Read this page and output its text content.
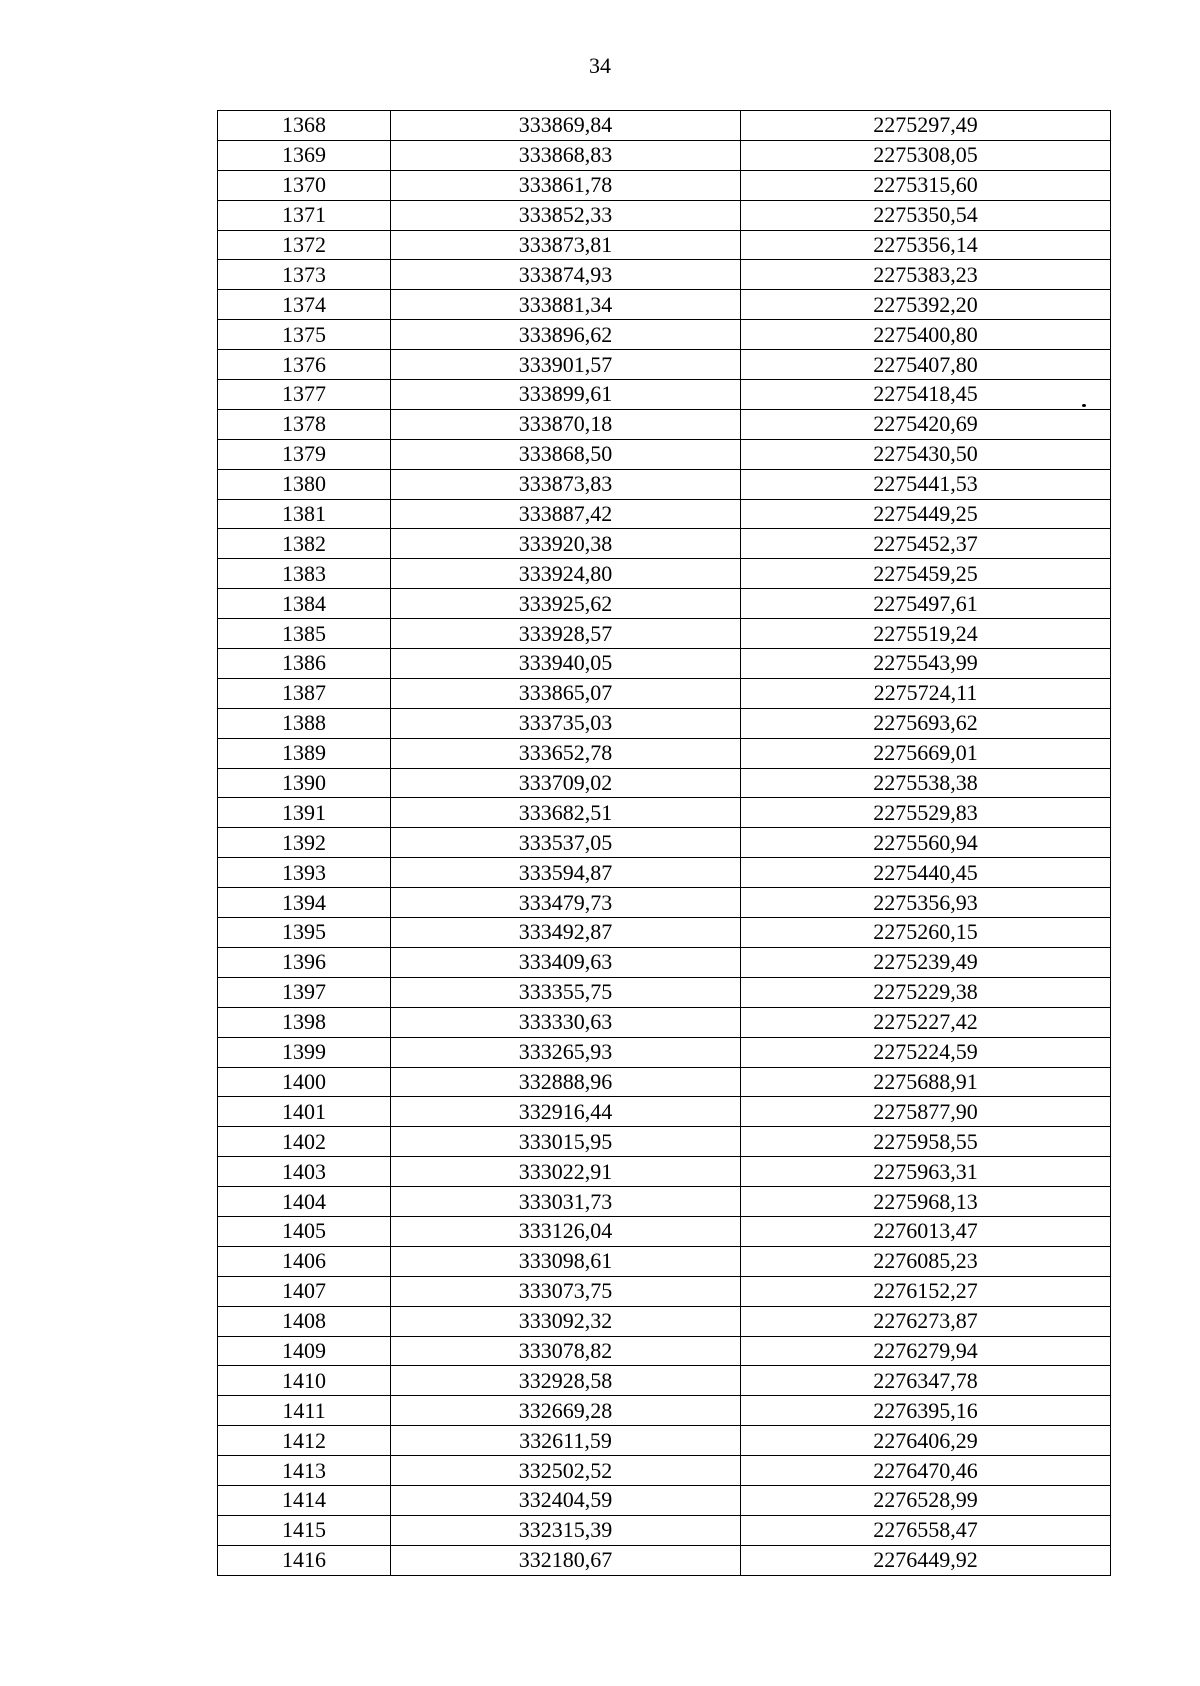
34
1368	333869,84	2275297,49
1369	333868,83	2275308,05
1370	333861,78	2275315,60
1371	333852,33	2275350,54
1372	333873,81	2275356,14
1373	333874,93	2275383,23
1374	333881,34	2275392,20
1375	333896,62	2275400,80
1376	333901,57	2275407,80
1377	333899,61	2275418,45
1378	333870,18	2275420,69
1379	333868,50	2275430,50
1380	333873,83	2275441,53
1381	333887,42	2275449,25
1382	333920,38	2275452,37
1383	333924,80	2275459,25
1384	333925,62	2275497,61
1385	333928,57	2275519,24
1386	333940,05	2275543,99
1387	333865,07	2275724,11
1388	333735,03	2275693,62
1389	333652,78	2275669,01
1390	333709,02	2275538,38
1391	333682,51	2275529,83
1392	333537,05	2275560,94
1393	333594,87	2275440,45
1394	333479,73	2275356,93
1395	333492,87	2275260,15
1396	333409,63	2275239,49
1397	333355,75	2275229,38
1398	333330,63	2275227,42
1399	333265,93	2275224,59
1400	332888,96	2275688,91
1401	332916,44	2275877,90
1402	333015,95	2275958,55
1403	333022,91	2275963,31
1404	333031,73	2275968,13
1405	333126,04	2276013,47
1406	333098,61	2276085,23
1407	333073,75	2276152,27
1408	333092,32	2276273,87
1409	333078,82	2276279,94
1410	332928,58	2276347,78
1411	332669,28	2276395,16
1412	332611,59	2276406,29
1413	332502,52	2276470,46
1414	332404,59	2276528,99
1415	332315,39	2276558,47
1416	332180,67	2276449,92
